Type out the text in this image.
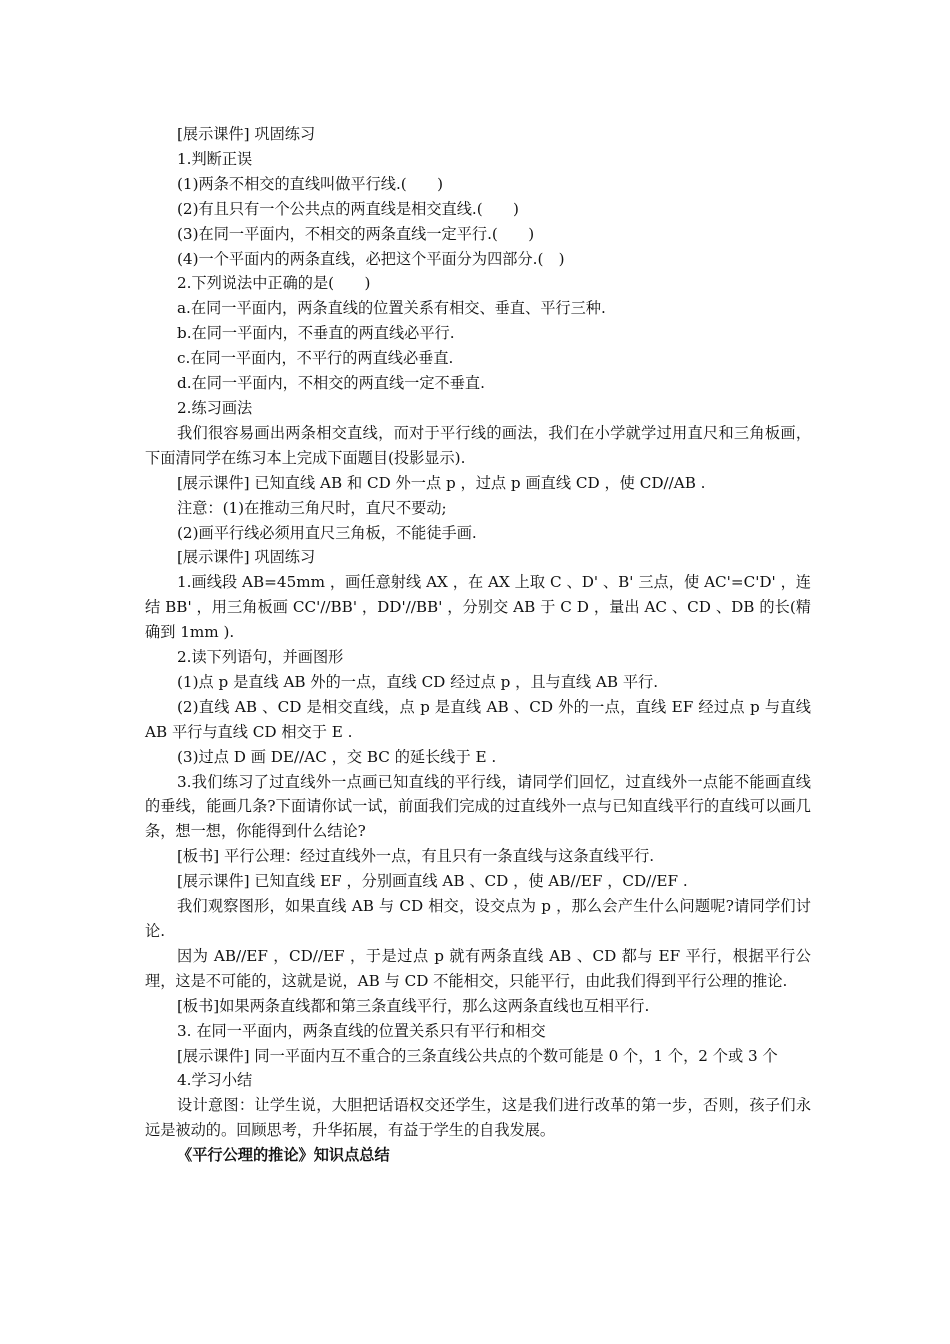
[展示课件] 巩固练习

1.判断正误

(1)两条不相交的直线叫做平行线.(　　)

(2)有且只有一个公共点的两直线是相交直线.(　　)

(3)在同一平面内，不相交的两条直线一定平行.(　　)

(4)一个平面内的两条直线，必把这个平面分为四部分.(　)

2.下列说法中正确的是(　　)

a.在同一平面内，两条直线的位置关系有相交、垂直、平行三种.

b.在同一平面内，不垂直的两直线必平行.

c.在同一平面内，不平行的两直线必垂直.

d.在同一平面内，不相交的两直线一定不垂直.

2.练习画法

我们很容易画出两条相交直线，而对于平行线的画法，我们在小学就学过用直尺和三角板画，下面清同学在练习本上完成下面题目(投影显示).

[展示课件] 已知直线 AB 和 CD 外一点 p ，过点 p 画直线 CD ，使 CD//AB .

注意：(1)在推动三角尺时，直尺不要动;

(2)画平行线必须用直尺三角板，不能徒手画.

[展示课件] 巩固练习

1.画线段 AB=45mm ，画任意射线 AX ，在 AX 上取 C 、D' 、B' 三点，使 AC'=C'D' ，连结 BB' ，用三角板画 CC'//BB' ，DD'//BB' ，分别交 AB 于 C D ，量出 AC 、CD 、DB 的长(精确到 1mm ).

2.读下列语句，并画图形

(1)点 p 是直线 AB 外的一点，直线 CD 经过点 p ，且与直线 AB 平行.

(2)直线 AB 、CD 是相交直线，点 p 是直线 AB 、CD 外的一点，直线 EF 经过点 p 与直线 AB 平行与直线 CD 相交于 E .

(3)过点 D 画 DE//AC ，交 BC 的延长线于 E .

3.我们练习了过直线外一点画已知直线的平行线，请同学们回忆，过直线外一点能不能画直线的垂线，能画几条?下面请你试一试，前面我们完成的过直线外一点与已知直线平行的直线可以画几条，想一想，你能得到什么结论?

[板书] 平行公理：经过直线外一点，有且只有一条直线与这条直线平行.

[展示课件] 已知直线 EF ，分别画直线 AB 、CD ，使 AB//EF ，CD//EF .

我们观察图形，如果直线 AB 与 CD 相交，设交点为 p ，那么会产生什么问题呢?请同学们讨论.

因为 AB//EF ，CD//EF ，于是过点 p 就有两条直线 AB 、CD 都与 EF 平行，根据平行公理，这是不可能的，这就是说，AB 与 CD 不能相交，只能平行，由此我们得到平行公理的推论.

[板书]如果两条直线都和第三条直线平行，那么这两条直线也互相平行.

3. 在同一平面内，两条直线的位置关系只有平行和相交

[展示课件] 同一平面内互不重合的三条直线公共点的个数可能是 0 个，1 个，2 个或 3 个

4.学习小结

设计意图：让学生说，大胆把话语权交还学生，这是我们进行改革的第一步，否则，孩子们永远是被动的。回顾思考，升华拓展，有益于学生的自我发展。

《平行公理的推论》知识点总结
